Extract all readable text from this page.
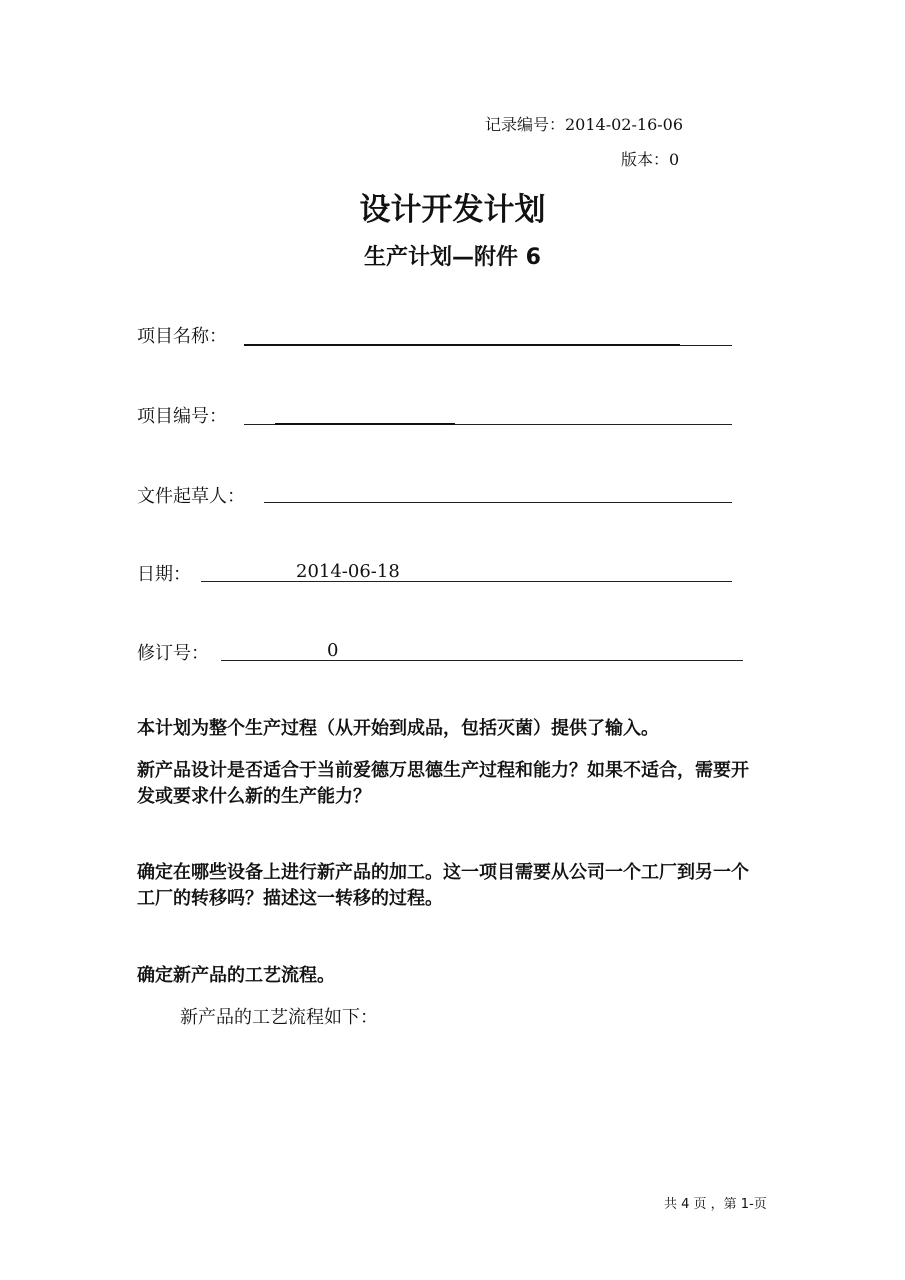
记录编号：2014-02-16-06
版本：0
设计开发计划
生产计划—附件 6
项目名称：
项目编号：
文件起草人：
日期：	2014-06-18
修订号：	0
本计划为整个生产过程（从开始到成品，包括灭菌）提供了输入。
新产品设计是否适合于当前爱德万思德生产过程和能力？如果不适合，需要开发或要求什么新的生产能力？
确定在哪些设备上进行新产品的加工。这一项目需要从公司一个工厂到另一个工厂的转移吗？描述这一转移的过程。
确定新产品的工艺流程。
新产品的工艺流程如下：
共 4 页 ，第 1-页
